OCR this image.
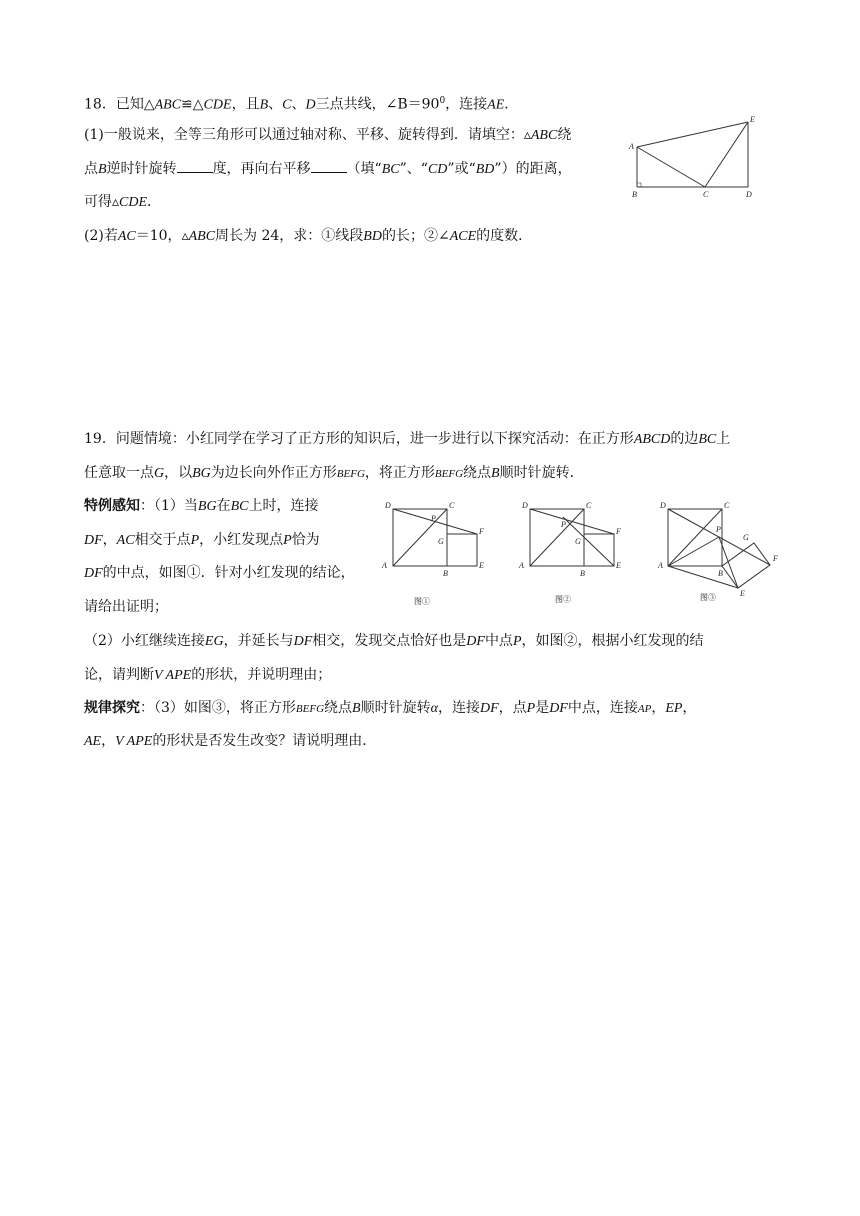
18．已知△ABC≌△CDE，且B、C、D三点共线，$\angle B=90^0$，连接AE．
(1)一般说来，全等三角形可以通过轴对称、平移、旋转得到．请填空：▵ABC绕
点B逆时针旋转	度，再向右平移	（填“BC”、“CD”或“BD”）的距离，
可得▵CDE．
(2)若AC＝10，▵ABC周长为 24，求：①线段BD的长；②∠ACE的度数．
A
B	C	D
E
19．问题情境：小红同学在学习了正方形的知识后，进一步进行以下探究活动：在正方形ABCD的边BC上
任意取一点G，以BG为边长向外作正方形BEFG，将正方形BEFG绕点B顺时针旋转．
特例感知：（1）当BG在BC上时，连接
DF，AC相交于点P，小红发现点P恰为
DF的中点，如图①．针对小红发现的结论，
请给出证明；
（2）小红继续连接EG，并延长与DF相交，发现交点恰好也是DF中点P，如图②，根据小红发现的结
论，请判断V APE的形状，并说明理由；
规律探究：（3）如图③，将正方形BEFG绕点B顺时针旋转α，连接DF，点P是DF中点，连接AP，EP，
AE，V APE的形状是否发生改变？请说明理由．
D	C
P
G
F
A
B
E
图①
D	C
P
G
F
A
B
E
图②
D	C
P
G
F
A
B
E
图③
